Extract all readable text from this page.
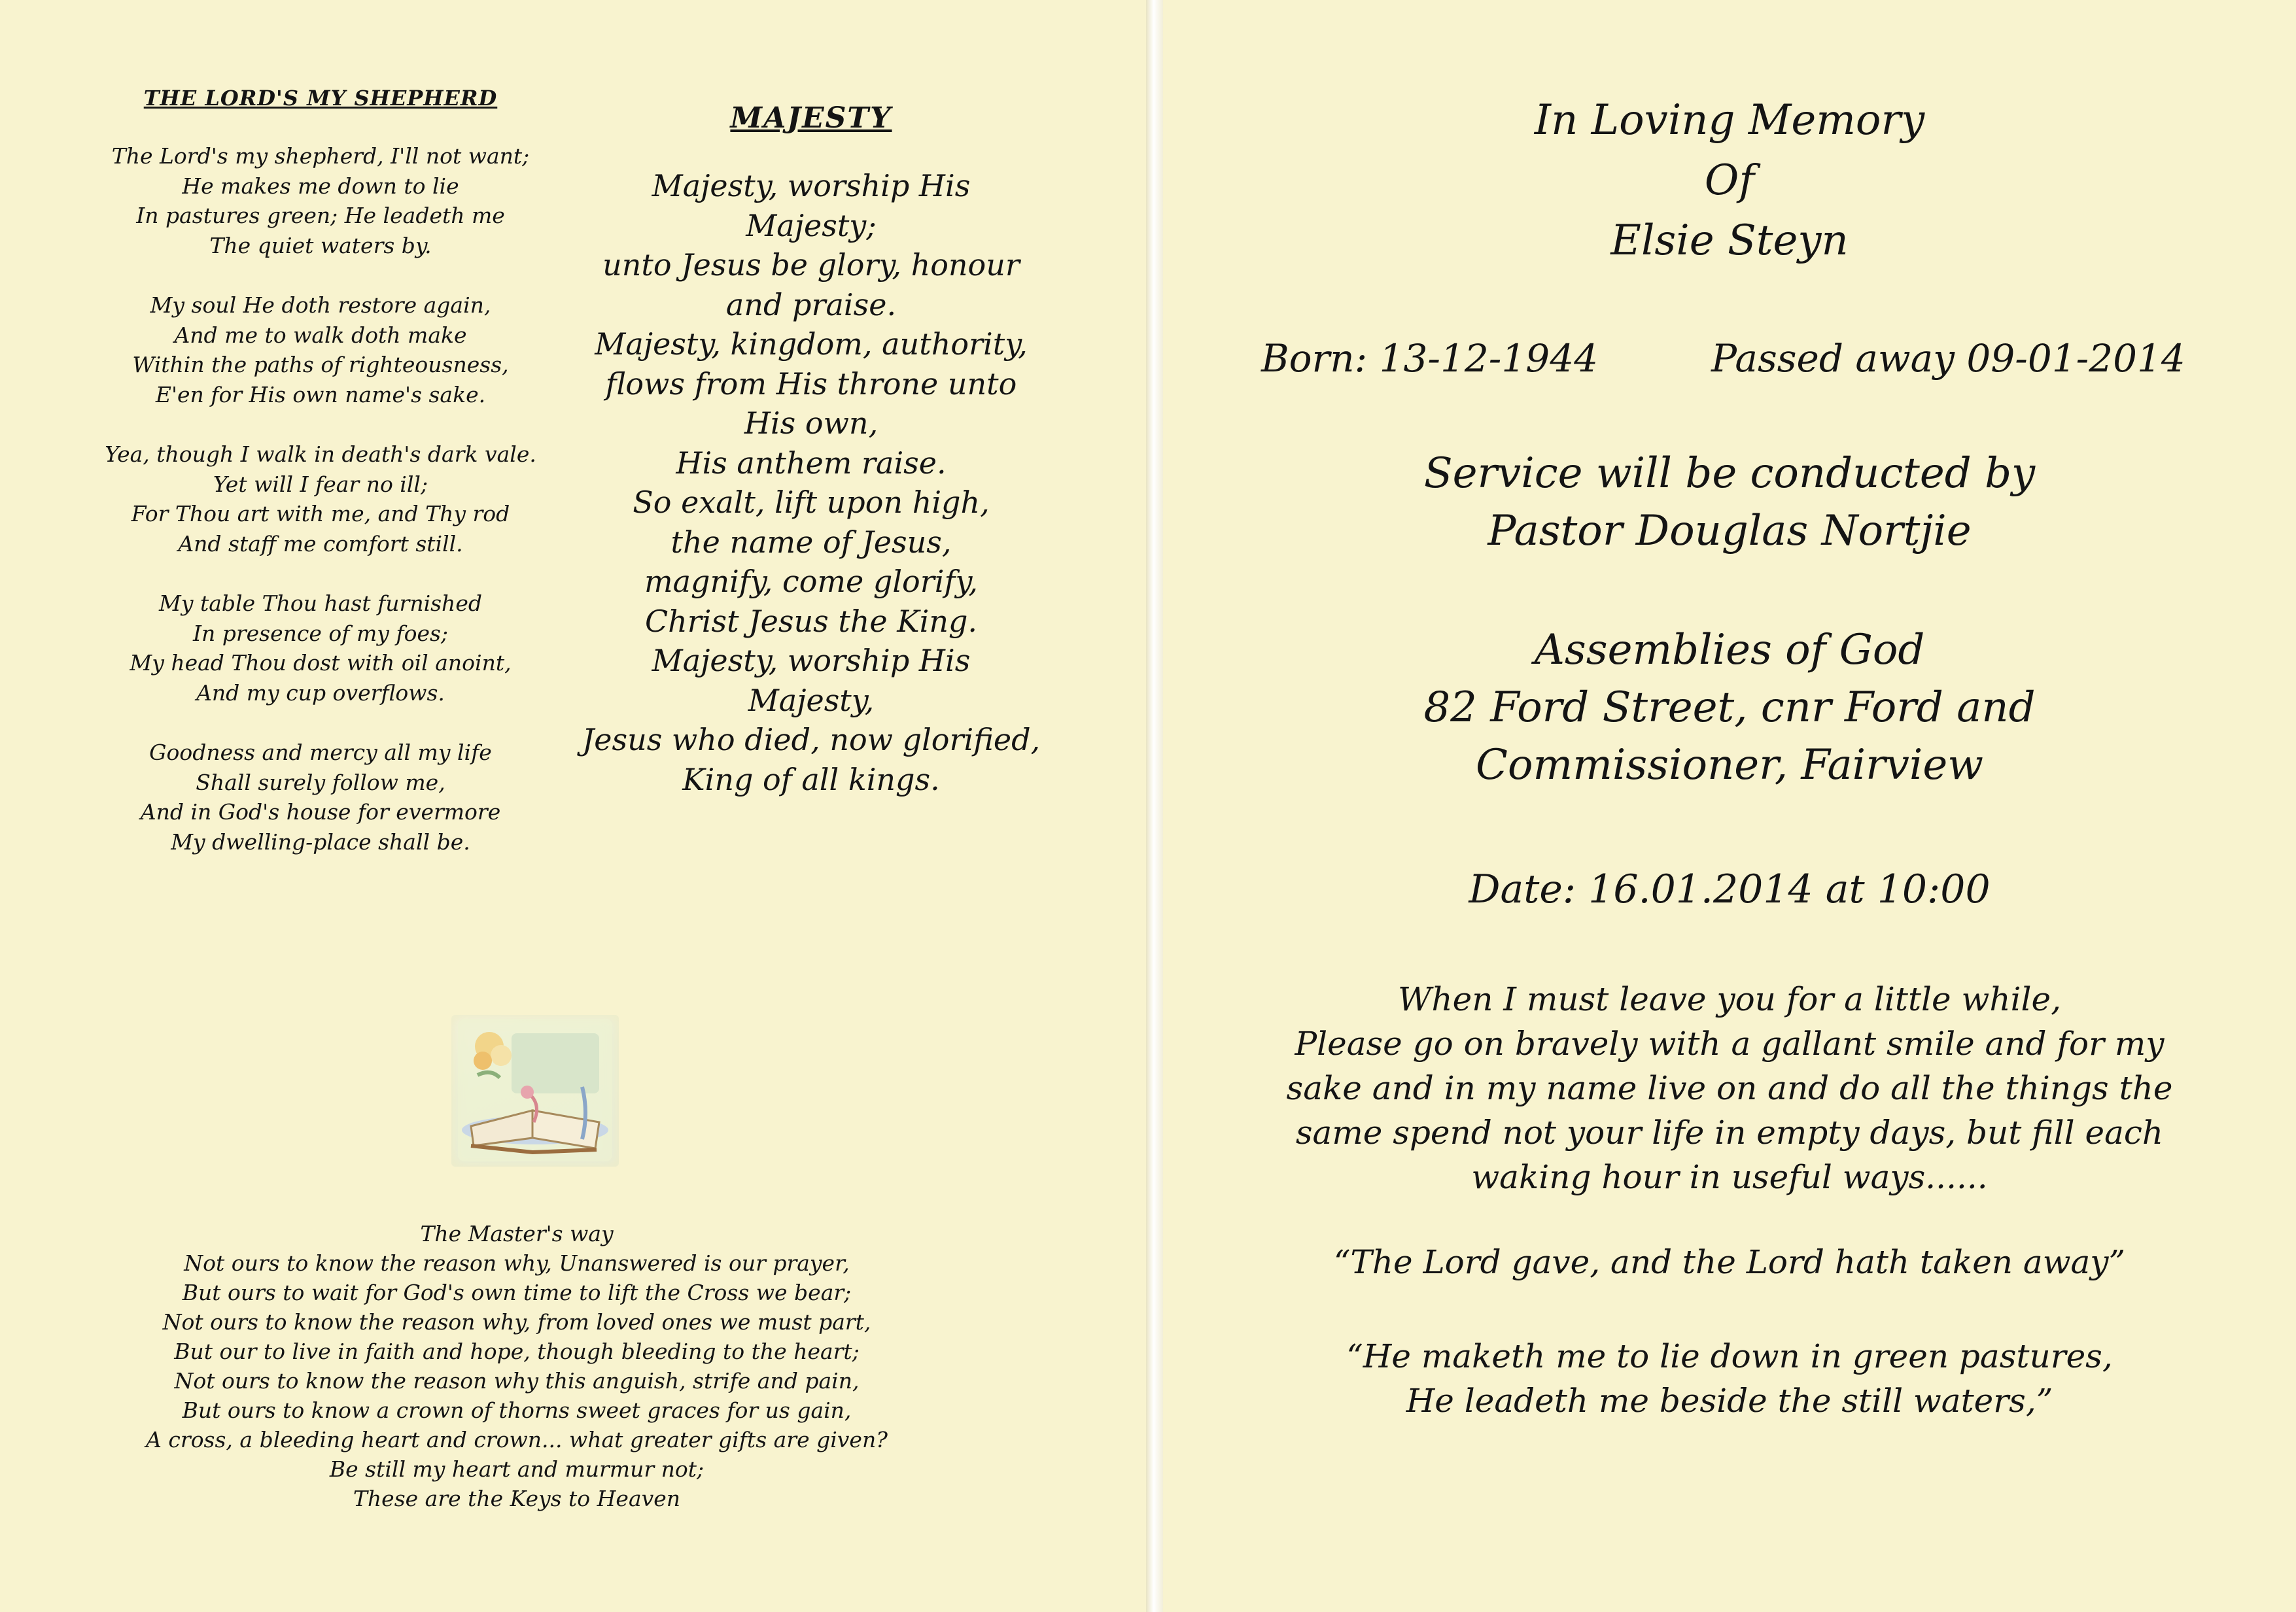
THE LORD'S MY SHEPHERD
The Lord's my shepherd, I'll not want;
He makes me down to lie
In pastures green; He leadeth me
The quiet waters by.
My soul He doth restore again,
And me to walk doth make
Within the paths of righteousness,
E'en for His own name's sake.
Yea, though I walk in death's dark vale.
Yet will I fear no ill;
For Thou art with me, and Thy rod
And staff me comfort still.
My table Thou hast furnished
In presence of my foes;
My head Thou dost with oil anoint,
And my cup overflows.
Goodness and mercy all my life
Shall surely follow me,
And in God's house for evermore
My dwelling-place shall be.
MAJESTY
Majesty, worship His
Majesty;
unto Jesus be glory, honour
and praise.
Majesty, kingdom, authority,
flows from His throne unto
His own,
His anthem raise.
So exalt, lift upon high,
the name of Jesus,
magnify, come glorify,
Christ Jesus the King.
Majesty, worship His
Majesty,
Jesus who died, now glorified,
King of all kings.
The Master's way
Not ours to know the reason why, Unanswered is our prayer,
But ours to wait for God's own time to lift the Cross we bear;
Not ours to know the reason why, from loved ones we must part,
But our to live in faith and hope, though bleeding to the heart;
Not ours to know the reason why this anguish, strife and pain,
But ours to know a crown of thorns sweet graces for us gain,
A cross, a bleeding heart and crown... what greater gifts are given?
Be still my heart and murmur not;
These are the Keys to Heaven
In Loving Memory
Of
Elsie Steyn
Born: 13-12-1944	Passed away 09-01-2014
Service will be conducted by
Pastor Douglas Nortjie
Assemblies of God
82 Ford Street, cnr Ford and
Commissioner, Fairview
Date: 16.01.2014 at 10:00
When I must leave you for a little while,
Please go on bravely with a gallant smile and for my
sake and in my name live on and do all the things the
same spend not your life in empty days, but fill each
waking hour in useful ways......
“The Lord gave, and the Lord hath taken away”
“He maketh me to lie down in green pastures,
He leadeth me beside the still waters,”
